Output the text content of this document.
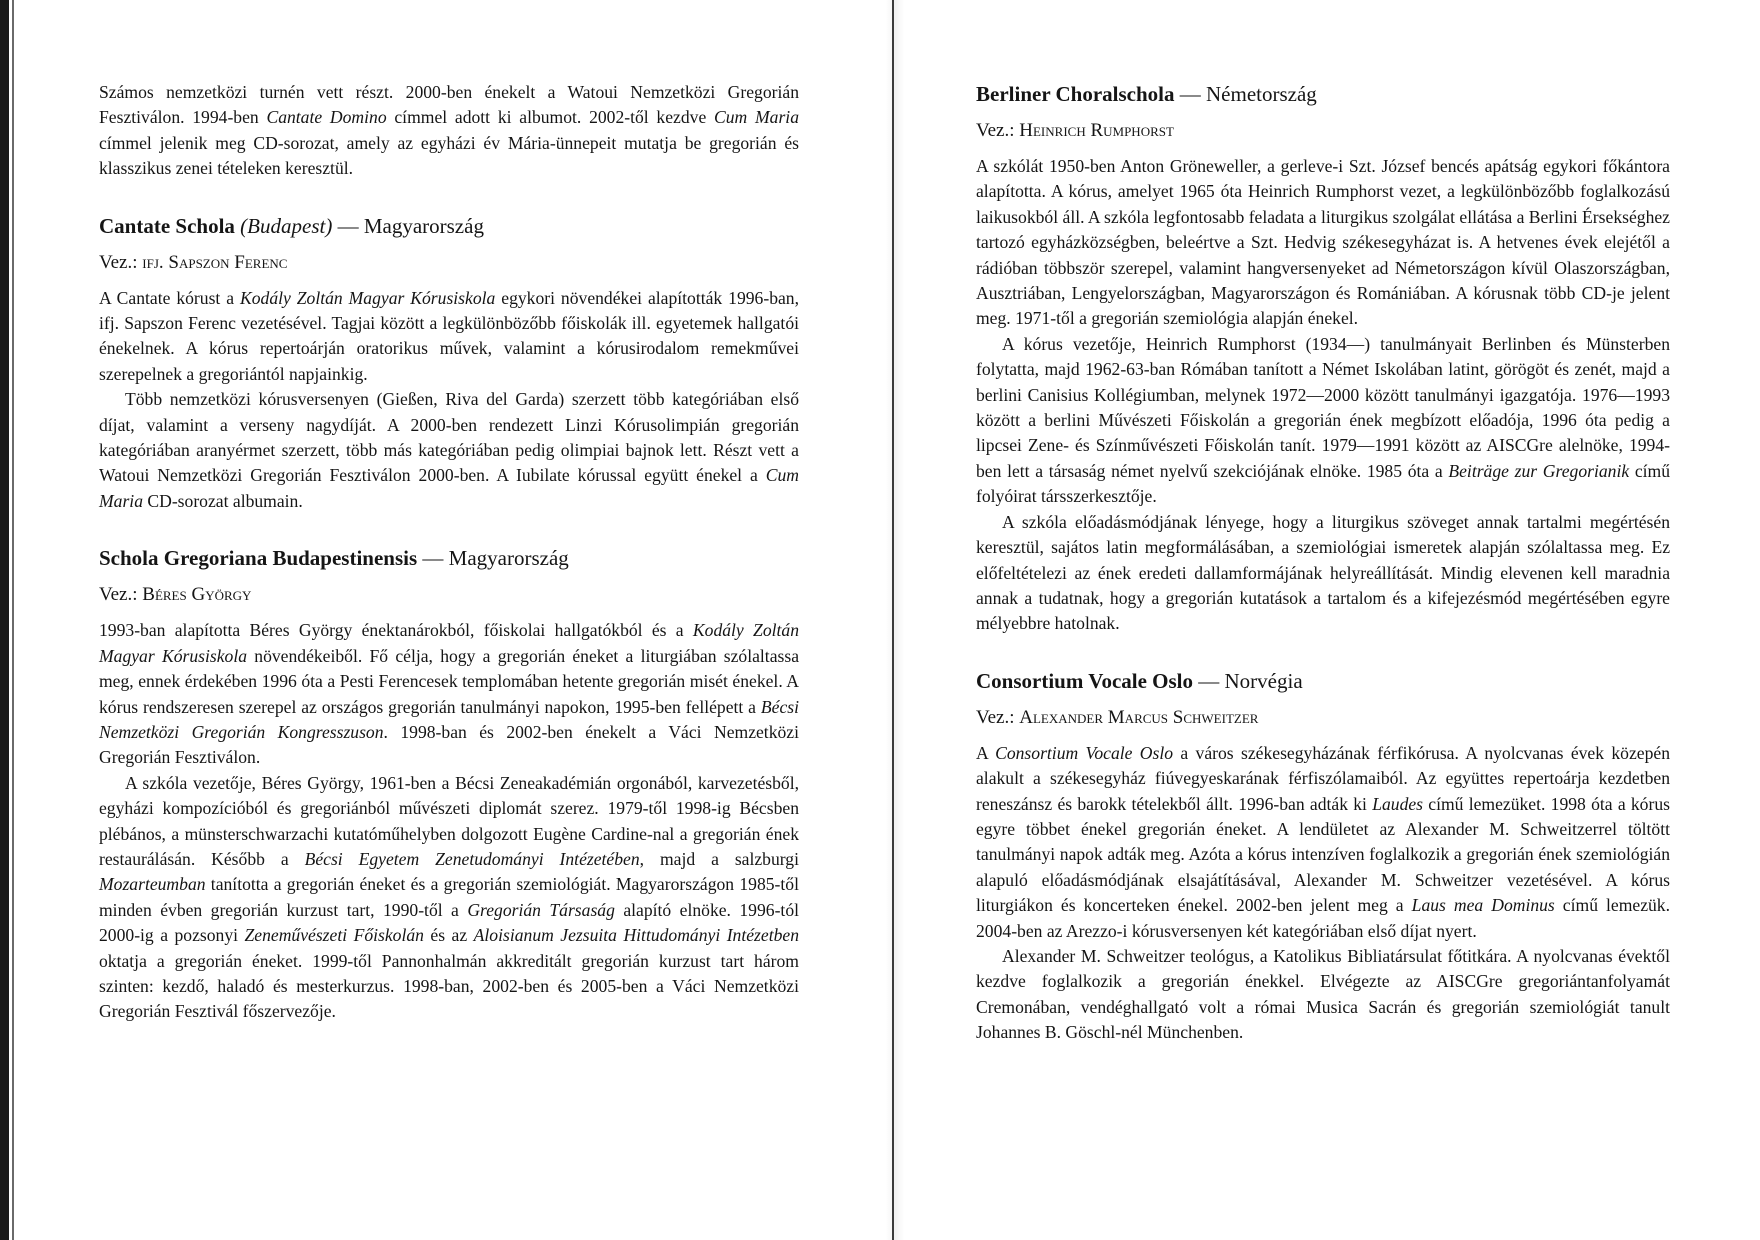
Számos nemzetközi turnén vett részt. 2000-ben énekelt a Watoui Nemzetközi Gregorián Fesztiválon. 1994-ben Cantate Domino címmel adott ki albumot. 2002-től kezdve Cum Maria címmel jelenik meg CD-sorozat, amely az egyházi év Mária-ünnepeit mutatja be gregorián és klasszikus zenei tételeken keresztül.

Cantate Schola (Budapest) — Magyarország
Vez.: ifj. Sapszon Ferenc

A Cantate kórust a Kodály Zoltán Magyar Kórusiskola egykori növendékei alapították 1996-ban, ifj. Sapszon Ferenc vezetésével. Tagjai között a legkülönbözőbb főiskolák ill. egyetemek hallgatói énekelnek. A kórus repertoárján oratorikus művek, valamint a kórusirodalom remekművei szerepelnek a gregoriántól napjainkig.

Több nemzetközi kórusversenyen (Gießen, Riva del Garda) szerzett több kategóriában első díjat, valamint a verseny nagydíját. A 2000-ben rendezett Linzi Kórusolimpián gregorián kategóriában aranyérmet szerzett, több más kategóriában pedig olimpiai bajnok lett. Részt vett a Watoui Nemzetközi Gregorián Fesztiválon 2000-ben. A Iubilate kórussal együtt énekel a Cum Maria CD-sorozat albumain.

Schola Gregoriana Budapestinensis — Magyarország
Vez.: Béres György

1993-ban alapította Béres György énektanárokból, főiskolai hallgatókból és a Kodály Zoltán Magyar Kórusiskola növendékeiből. Fő célja, hogy a gregorián éneket a liturgiában szólaltassa meg, ennek érdekében 1996 óta a Pesti Ferencesek templomában hetente gregorián misét énekel. A kórus rendszeresen szerepel az országos gregorián tanulmányi napokon, 1995-ben fellépett a Bécsi Nemzetközi Gregorián Kongresszuson. 1998-ban és 2002-ben énekelt a Váci Nemzetközi Gregorián Fesztiválon.

A szkóla vezetője, Béres György, 1961-ben a Bécsi Zeneakadémián orgonából, karvezetésből, egyházi kompozícióból és gregoriánból művészeti diplomát szerez. 1979-től 1998-ig Bécsben plébános, a münsterschwarzachi kutatóműhelyben dolgozott Eugène Cardine-nal a gregorián ének restaurálásán. Később a Bécsi Egyetem Zenetudományi Intézetében, majd a salzburgi Mozarteumban tanította a gregorián éneket és a gregorián szemiológiát. Magyarországon 1985-től minden évben gregorián kurzust tart, 1990-től a Gregorián Társaság alapító elnöke. 1996-tól 2000-ig a pozsonyi Zeneművészeti Főiskolán és az Aloisianum Jezsuita Hittudományi Intézetben oktatja a gregorián éneket. 1999-től Pannonhalmán akkreditált gregorián kurzust tart három szinten: kezdő, haladó és mesterkurzus. 1998-ban, 2002-ben és 2005-ben a Váci Nemzetközi Gregorián Fesztivál főszervezője.

Berliner Choralschola — Németország
Vez.: Heinrich Rumphorst

A szkólát 1950-ben Anton Gröneweller, a gerleve-i Szt. József bencés apátság egykori főkántora alapította. A kórus, amelyet 1965 óta Heinrich Rumphorst vezet, a legkülönbözőbb foglalkozású laikusokból áll. A szkóla legfontosabb feladata a liturgikus szolgálat ellátása a Berlini Érsekséghez tartozó egyházközségben, beleértve a Szt. Hedvig székesegyházat is. A hetvenes évek elejétől a rádióban többször szerepel, valamint hangversenyeket ad Németországon kívül Olaszországban, Ausztriában, Lengyelországban, Magyarországon és Romániában. A kórusnak több CD-je jelent meg. 1971-től a gregorián szemiológia alapján énekel.

A kórus vezetője, Heinrich Rumphorst (1934—) tanulmányait Berlinben és Münsterben folytatta, majd 1962-63-ban Rómában tanított a Német Iskolában latint, görögöt és zenét, majd a berlini Canisius Kollégiumban, melynek 1972—2000 között tanulmányi igazgatója. 1976—1993 között a berlini Művészeti Főiskolán a gregorián ének megbízott előadója, 1996 óta pedig a lipcsei Zene- és Színművészeti Főiskolán tanít. 1979—1991 között az AISCGre alelnöke, 1994-ben lett a társaság német nyelvű szekciójának elnöke. 1985 óta a Beiträge zur Gregorianik című folyóirat társszerkesztője.

A szkóla előadásmódjának lényege, hogy a liturgikus szöveget annak tartalmi megértésén keresztül, sajátos latin megformálásában, a szemiológiai ismeretek alapján szólaltassa meg. Ez előfeltételezi az ének eredeti dallamformájának helyreállítását. Mindig elevenen kell maradnia annak a tudatnak, hogy a gregorián kutatások a tartalom és a kifejezésmód megértésében egyre mélyebbre hatolnak.

Consortium Vocale Oslo — Norvégia
Vez.: Alexander Marcus Schweitzer

A Consortium Vocale Oslo a város székesegyházának férfikórusa. A nyolcvanas évek közepén alakult a székesegyház fiúvegyeskarának férfiszólamaiból. Az együttes repertoárja kezdetben reneszánsz és barokk tételekből állt. 1996-ban adták ki Laudes című lemezüket. 1998 óta a kórus egyre többet énekel gregorián éneket. A lendületet az Alexander M. Schweitzerrel töltött tanulmányi napok adták meg. Azóta a kórus intenzíven foglalkozik a gregorián ének szemiológián alapuló előadásmódjának elsajátításával, Alexander M. Schweitzer vezetésével. A kórus liturgiákon és koncerteken énekel. 2002-ben jelent meg a Laus mea Dominus című lemezük. 2004-ben az Arezzo-i kórusversenyen két kategóriában első díjat nyert.

Alexander M. Schweitzer teológus, a Katolikus Bibliatársulat főtitkára. A nyolcvanas évektől kezdve foglalkozik a gregorián énekkel. Elvégezte az AISCGre gregoriántanfolyamát Cremonában, vendéghallgató volt a római Musica Sacrán és gregorián szemiológiát tanult Johannes B. Göschl-nél Münchenben.
